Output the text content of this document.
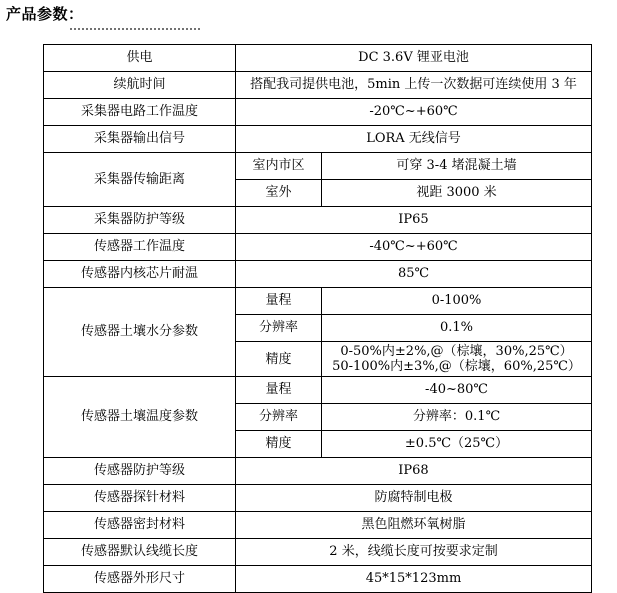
产品参数：
供电	DC 3.6V 锂亚电池	
续航时间	搭配我司提供电池，5min 上传一次数据可连续使用 3 年	
采集器电路工作温度	-20℃~+60℃	
采集器输出信号	LORA 无线信号	
采集器传输距离	室内市区	可穿 3-4 堵混凝土墙
	室外	视距 3000 米
采集器防护等级	IP65	
传感器工作温度	-40℃~+60℃	
传感器内核芯片耐温	85℃	
传感器土壤水分参数	量程	0-100%
	分辨率	0.1%
	精度	0-50%内±2%,@（棕壤，30%,25℃）
50-100%内±3%,@（棕壤，60%,25℃）

传感器土壤温度参数	量程	-40~80℃
	分辨率	分辨率：0.1℃
	精度	±0.5℃（25℃）
传感器防护等级	IP68	
传感器探针材料	防腐特制电极	
传感器密封材料	黑色阻燃环氧树脂	
传感器默认线缆长度	2 米，线缆长度可按要求定制	
传感器外形尺寸	45*15*123mm	
